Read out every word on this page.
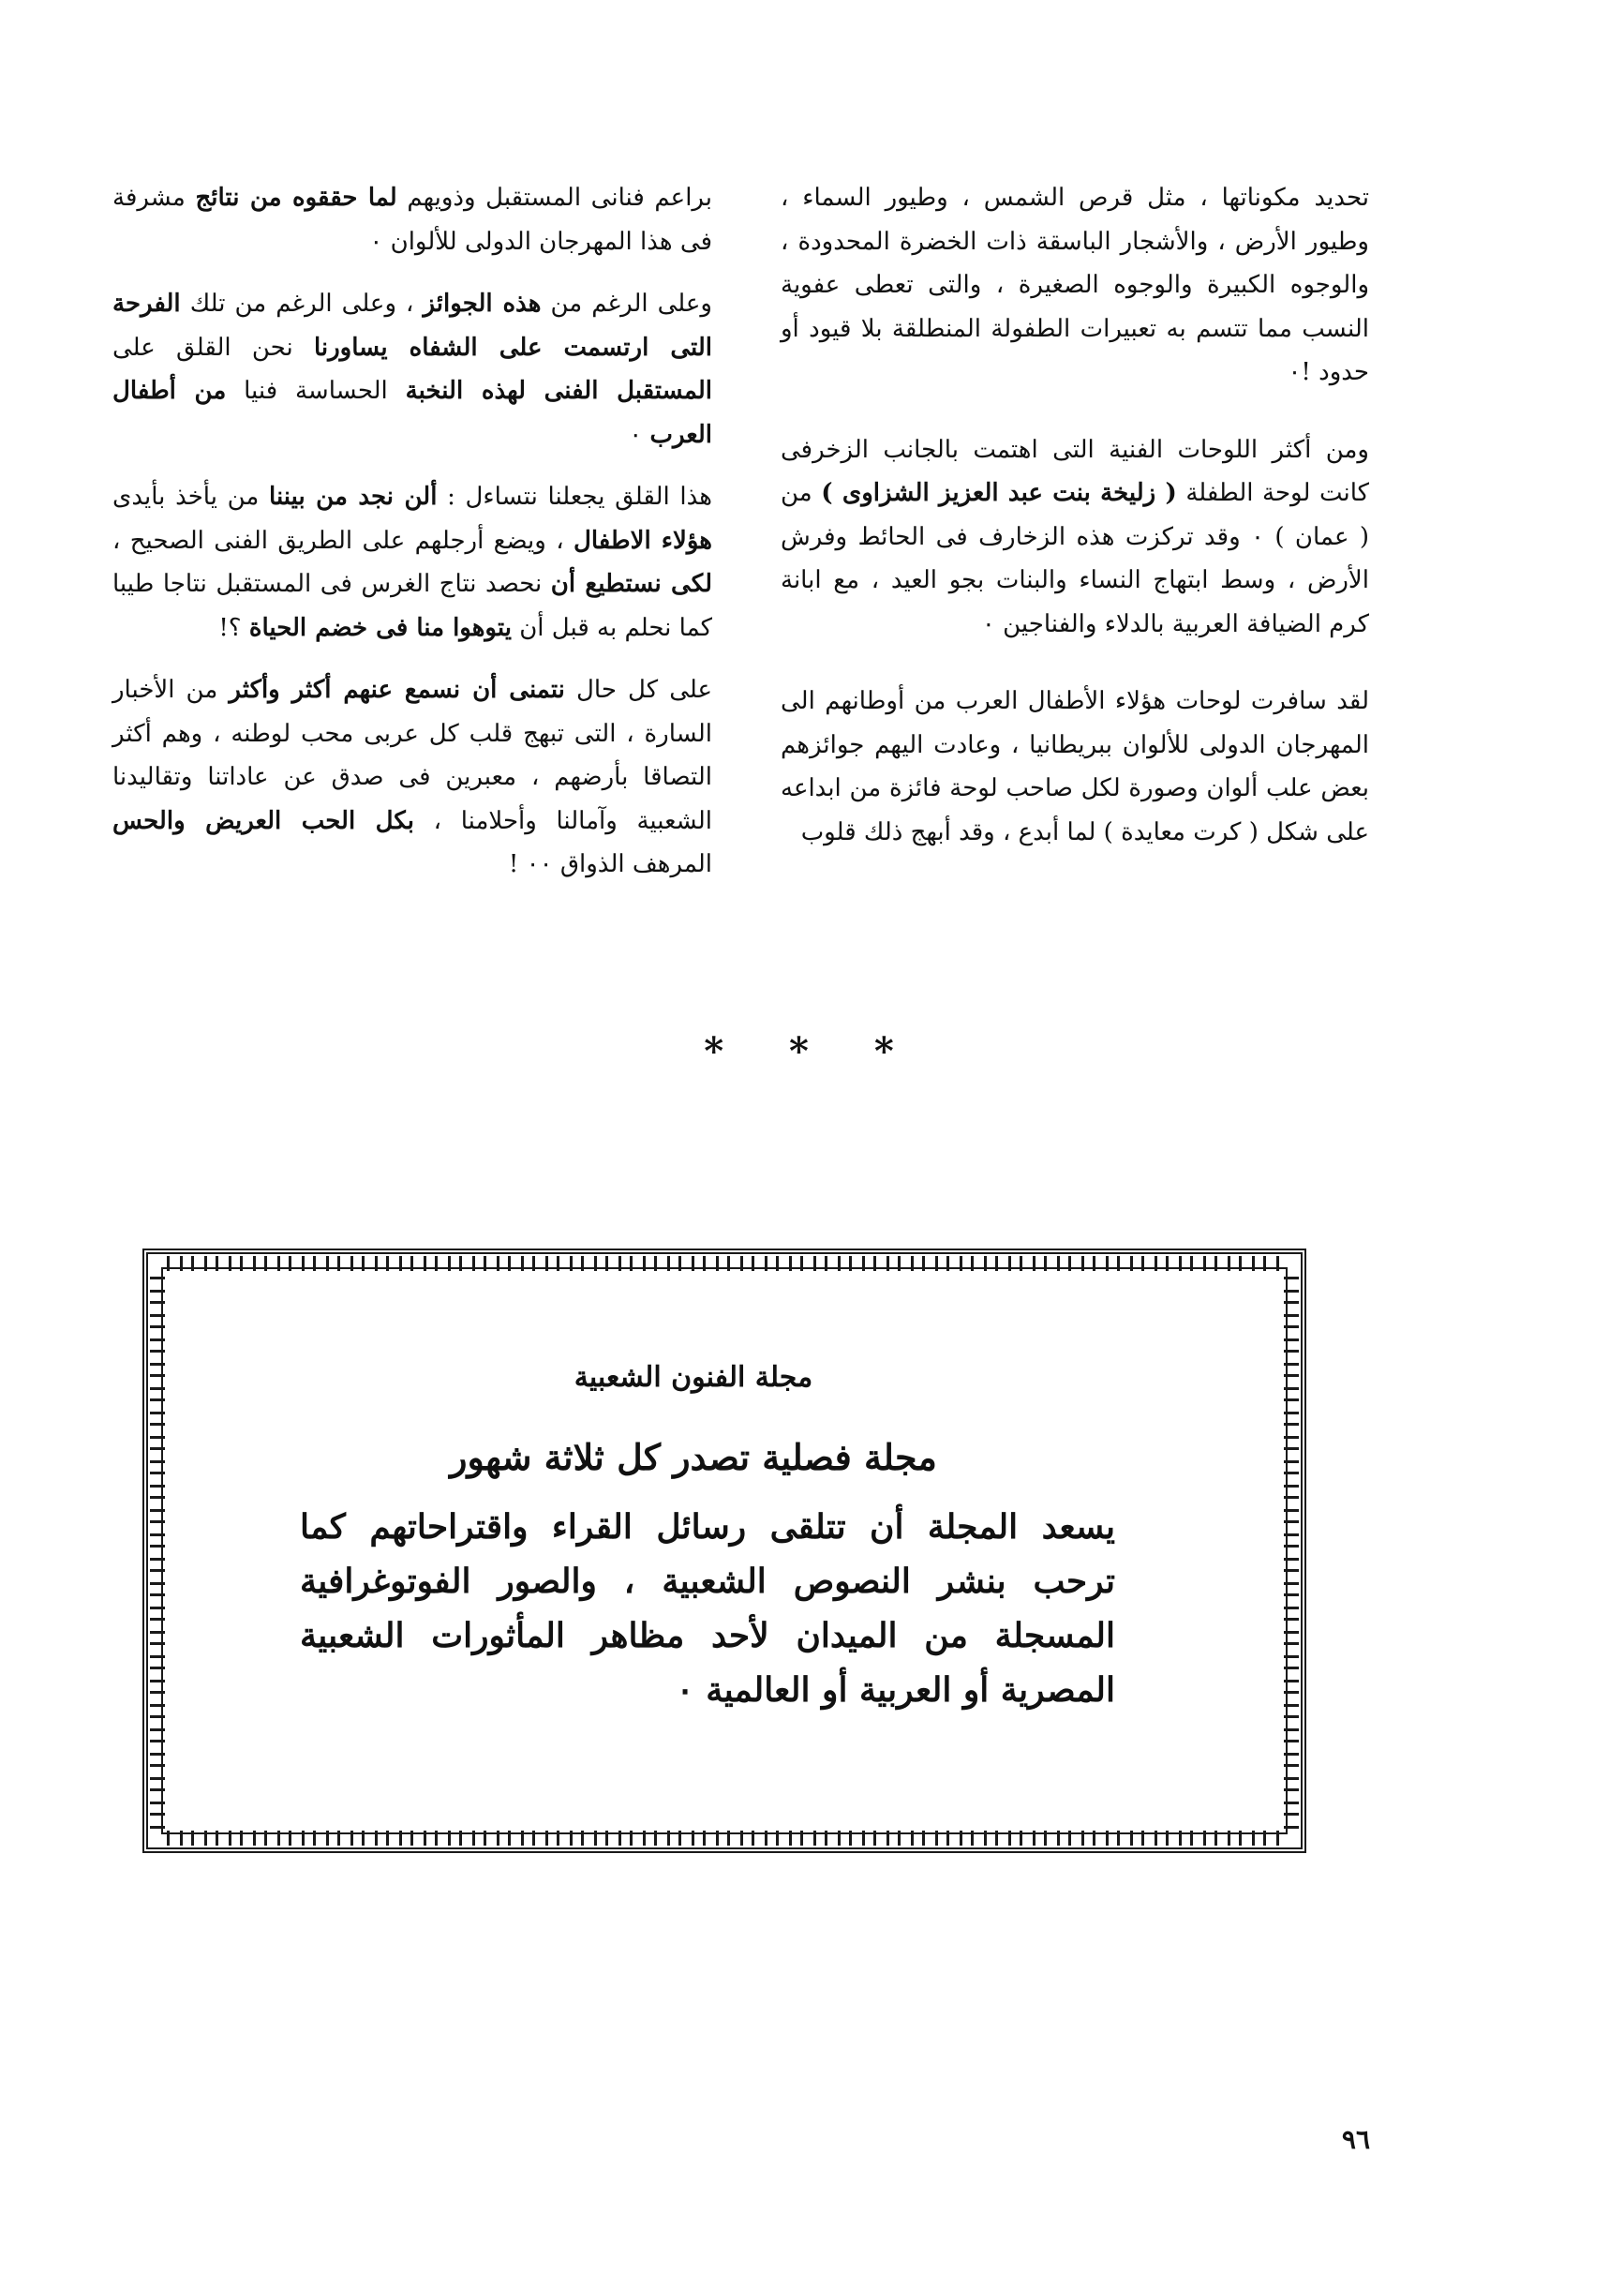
تحديد مكوناتها ، مثل قرص الشمس ، وطيور السماء ، وطيور الأرض ، والأشجار الباسقة ذات الخضرة المحدودة ، والوجوه الكبيرة والوجوه الصغيرة ، والتى تعطى عفوية النسب مما تتسم به تعبيرات الطفولة المنطلقة بلا قيود أو حدود !٠

ومن أكثر اللوحات الفنية التى اهتمت بالجانب الزخرفى كانت لوحة الطفلة ( زليخة بنت عبد العزيز الشزاوى ) من ( عمان ) ٠ وقد تركزت هذه الزخارف فى الحائط وفرش الأرض ، وسط ابتهاج النساء والبنات بجو العيد ، مع ابانة كرم الضيافة العربية بالدلاء والفناجين ٠

لقد سافرت لوحات هؤلاء الأطفال العرب من أوطانهم الى المهرجان الدولى للألوان ببريطانيا ، وعادت اليهم جوائزهم بعض علب ألوان وصورة لكل صاحب لوحة فائزة من ابداعه على شكل ( كرت معايدة ) لما أبدع ، وقد أبهج ذلك قلوب

براعم فنانى المستقبل وذويهم لما حققوه من نتائج مشرفة فى هذا المهرجان الدولى للألوان ٠

وعلى الرغم من هذه الجوائز ، وعلى الرغم من تلك الفرحة التى ارتسمت على الشفاه يساورنا نحن القلق على المستقبل الفنى لهذه النخبة الحساسة فنيا من أطفال العرب ٠

هذا القلق يجعلنا نتساءل : ألن نجد من بيننا من يأخذ بأيدى هؤلاء الاطفال ، ويضع أرجلهم على الطريق الفنى الصحيح ، لكى نستطيع أن نحصد نتاج الغرس فى المستقبل نتاجا طيبا كما نحلم به قبل أن يتوهوا منا فى خضم الحياة ؟!

على كل حال نتمنى أن نسمع عنهم أكثر وأكثر من الأخبار السارة ، التى تبهج قلب كل عربى محب لوطنه ، وهم أكثر التصاقا بأرضهم ، معبرين فى صدق عن عاداتنا وتقاليدنا الشعبية وآمالنا وأحلامنا ، بكل الحب العريض والحس المرهف الذواق ٠٠ !

* * *
مجلة الفنون الشعبية
مجلة فصلية تصدر كل ثلاثة شهور
يسعد المجلة أن تتلقى رسائل القراء واقتراحاتهم كما ترحب بنشر النصوص الشعبية ، والصور الفوتوغرافية المسجلة من الميدان لأحد مظاهر المأثورات الشعبية المصرية أو العربية أو العالمية ٠
٩٦
